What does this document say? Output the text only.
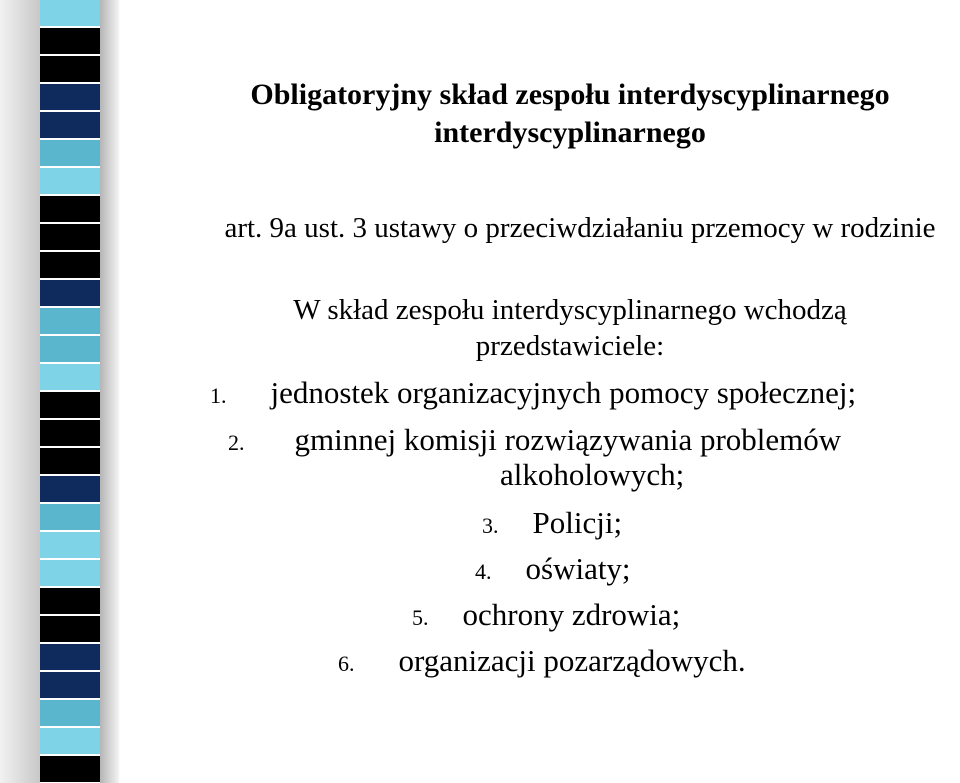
Obligatoryjny skład zespołu interdyscyplinarnego
interdyscyplinarnego
art. 9a ust. 3 ustawy o przeciwdziałaniu przemocy w rodzinie
W skład zespołu interdyscyplinarnego wchodzą przedstawiciele:
1. jednostek organizacyjnych pomocy społecznej;
2. gminnej komisji rozwiązywania problemów
3. Policji;
4. oświaty;
5. ochrony zdrowia;
6. organizacji pozarządowych.
alkoholowych;
